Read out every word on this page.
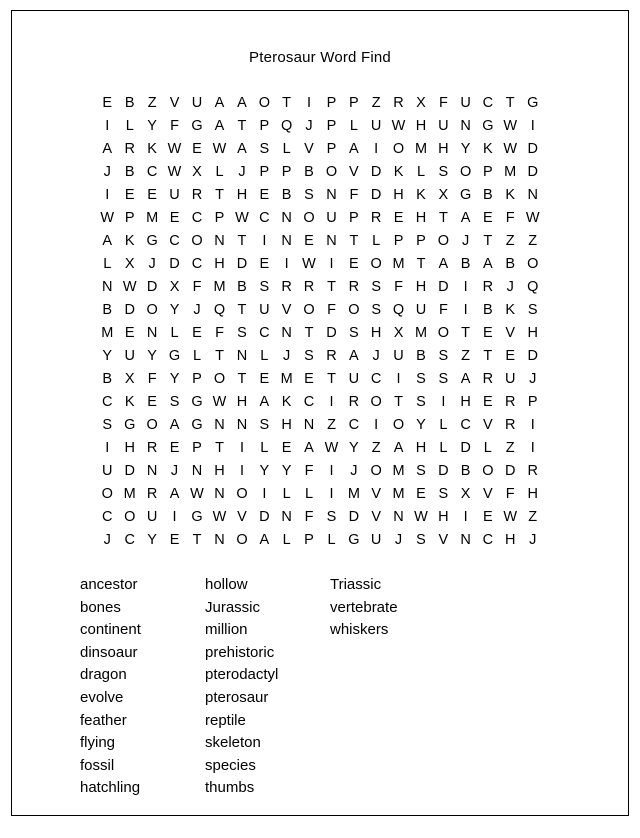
Pterosaur Word Find
E	B	Z	V	U	A	A	O	T	I	P	P	Z	R	X	F	U	C	T	G
I	L	Y	F	G	A	T	P	Q	J	P	L	U	W	H	U	N	G	W	I
A	R	K	W	E	W	A	S	L	V	P	A	I	O	M	H	Y	K	W	D
J	B	C	W	X	L	J	P	P	B	O	V	D	K	L	S	O	P	M	D
I	E	E	U	R	T	H	E	B	S	N	F	D	H	K	X	G	B	K	N
W	P	M	E	C	P	W	C	N	O	U	P	R	E	H	T	A	E	F	W
A	K	G	C	O	N	T	I	N	E	N	T	L	P	P	O	J	T	Z	Z
L	X	J	D	C	H	D	E	I	W	I	E	O	M	T	A	B	A	B	O
N	W	D	X	F	M	B	S	R	R	T	R	S	F	H	D	I	R	J	Q
B	D	O	Y	J	Q	T	U	V	O	F	O	S	Q	U	F	I	B	K	S
M	E	N	L	E	F	S	C	N	T	D	S	H	X	M	O	T	E	V	H
Y	U	Y	G	L	T	N	L	J	S	R	A	J	U	B	S	Z	T	E	D
B	X	F	Y	P	O	T	E	M	E	T	U	C	I	S	S	A	R	U	J
C	K	E	S	G	W	H	A	K	C	I	R	O	T	S	I	H	E	R	P
S	G	O	A	G	N	N	S	H	N	Z	C	I	O	Y	L	C	V	R	I
I	H	R	E	P	T	I	L	E	A	W	Y	Z	A	H	L	D	L	Z	I
U	D	N	J	N	H	I	Y	Y	F	I	J	O	M	S	D	B	O	D	R
O	M	R	A	W	N	O	I	L	L	I	M	V	M	E	S	X	V	F	H
C	O	U	I	G	W	V	D	N	F	S	D	V	N	W	H	I	E	W	Z
J	C	Y	E	T	N	O	A	L	P	L	G	U	J	S	V	N	C	H	J
ancestor
bones
continent
dinsoaur
dragon
evolve
feather
flying
fossil
hatchling
hollow
Jurassic
million
prehistoric
pterodactyl
pterosaur
reptile
skeleton
species
thumbs
Triassic
vertebrate
whiskers
